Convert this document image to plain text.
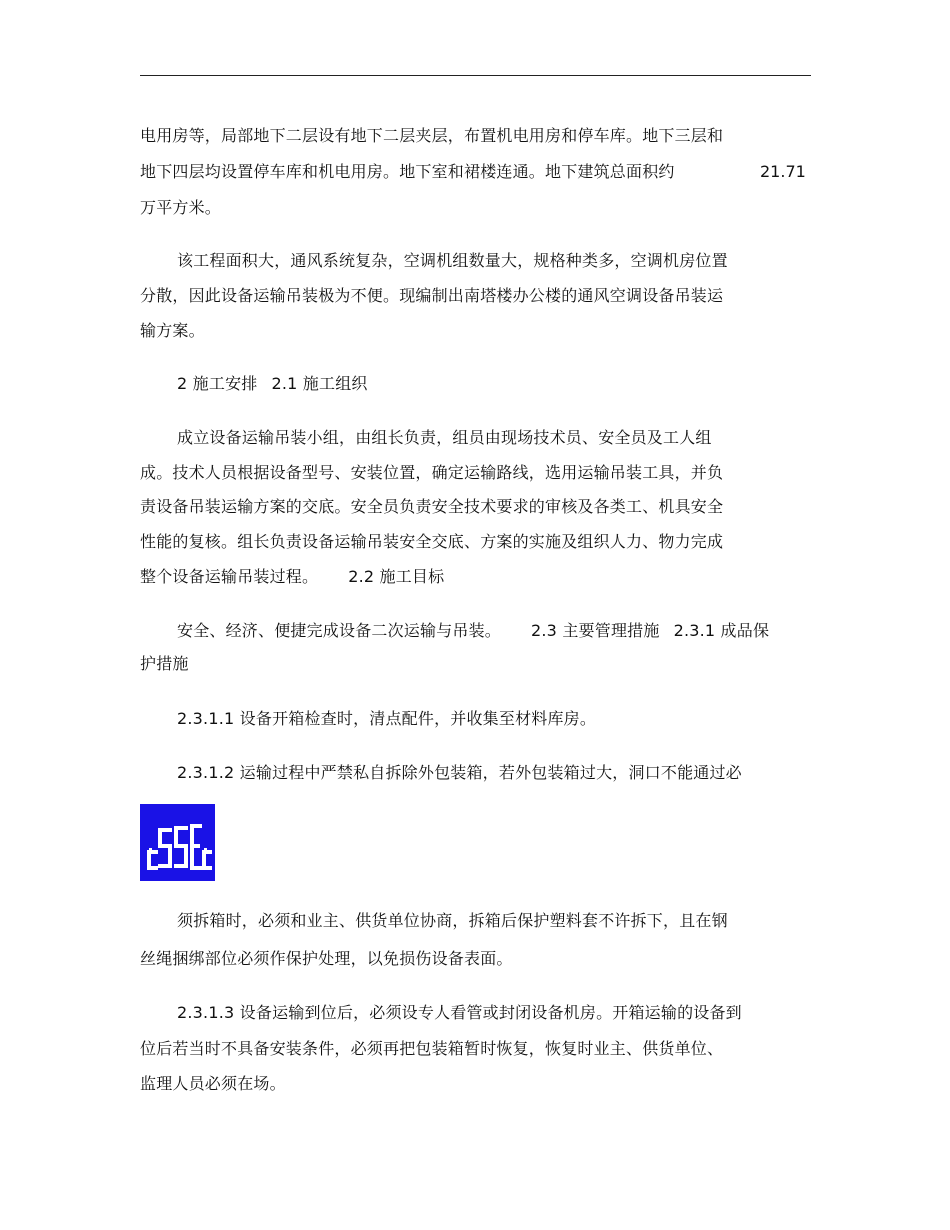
电用房等，局部地下二层设有地下二层夹层，布置机电用房和停车库。地下三层和
地下四层均设置停车库和机电用房。地下室和裙楼连通。地下建筑总面积约	21.71
万平方米。
该工程面积大，通风系统复杂，空调机组数量大，规格种类多，空调机房位置
分散，因此设备运输吊装极为不便。现编制出南塔楼办公楼的通风空调设备吊装运
输方案。
2 施工安排 2.1 施工组织
成立设备运输吊装小组，由组长负责，组员由现场技术员、安全员及工人组
成。技术人员根据设备型号、安装位置，确定运输路线，选用运输吊装工具，并负
责设备吊装运输方案的交底。安全员负责安全技术要求的审核及各类工、机具安全
性能的复核。组长负责设备运输吊装安全交底、方案的实施及组织人力、物力完成
整个设备运输吊装过程。 2.2 施工目标
安全、经济、便捷完成设备二次运输与吊装。 2.3 主要管理措施 2.3.1 成品保
护措施
2.3.1.1 设备开箱检查时，清点配件，并收集至材料库房。
2.3.1.2 运输过程中严禁私自拆除外包装箱，若外包装箱过大，洞口不能通过必
须拆箱时，必须和业主、供货单位协商，拆箱后保护塑料套不许拆下，且在钢
丝绳捆绑部位必须作保护处理，以免损伤设备表面。
2.3.1.3 设备运输到位后，必须设专人看管或封闭设备机房。开箱运输的设备到
位后若当时不具备安装条件，必须再把包装箱暂时恢复，恢复时业主、供货单位、
监理人员必须在场。
